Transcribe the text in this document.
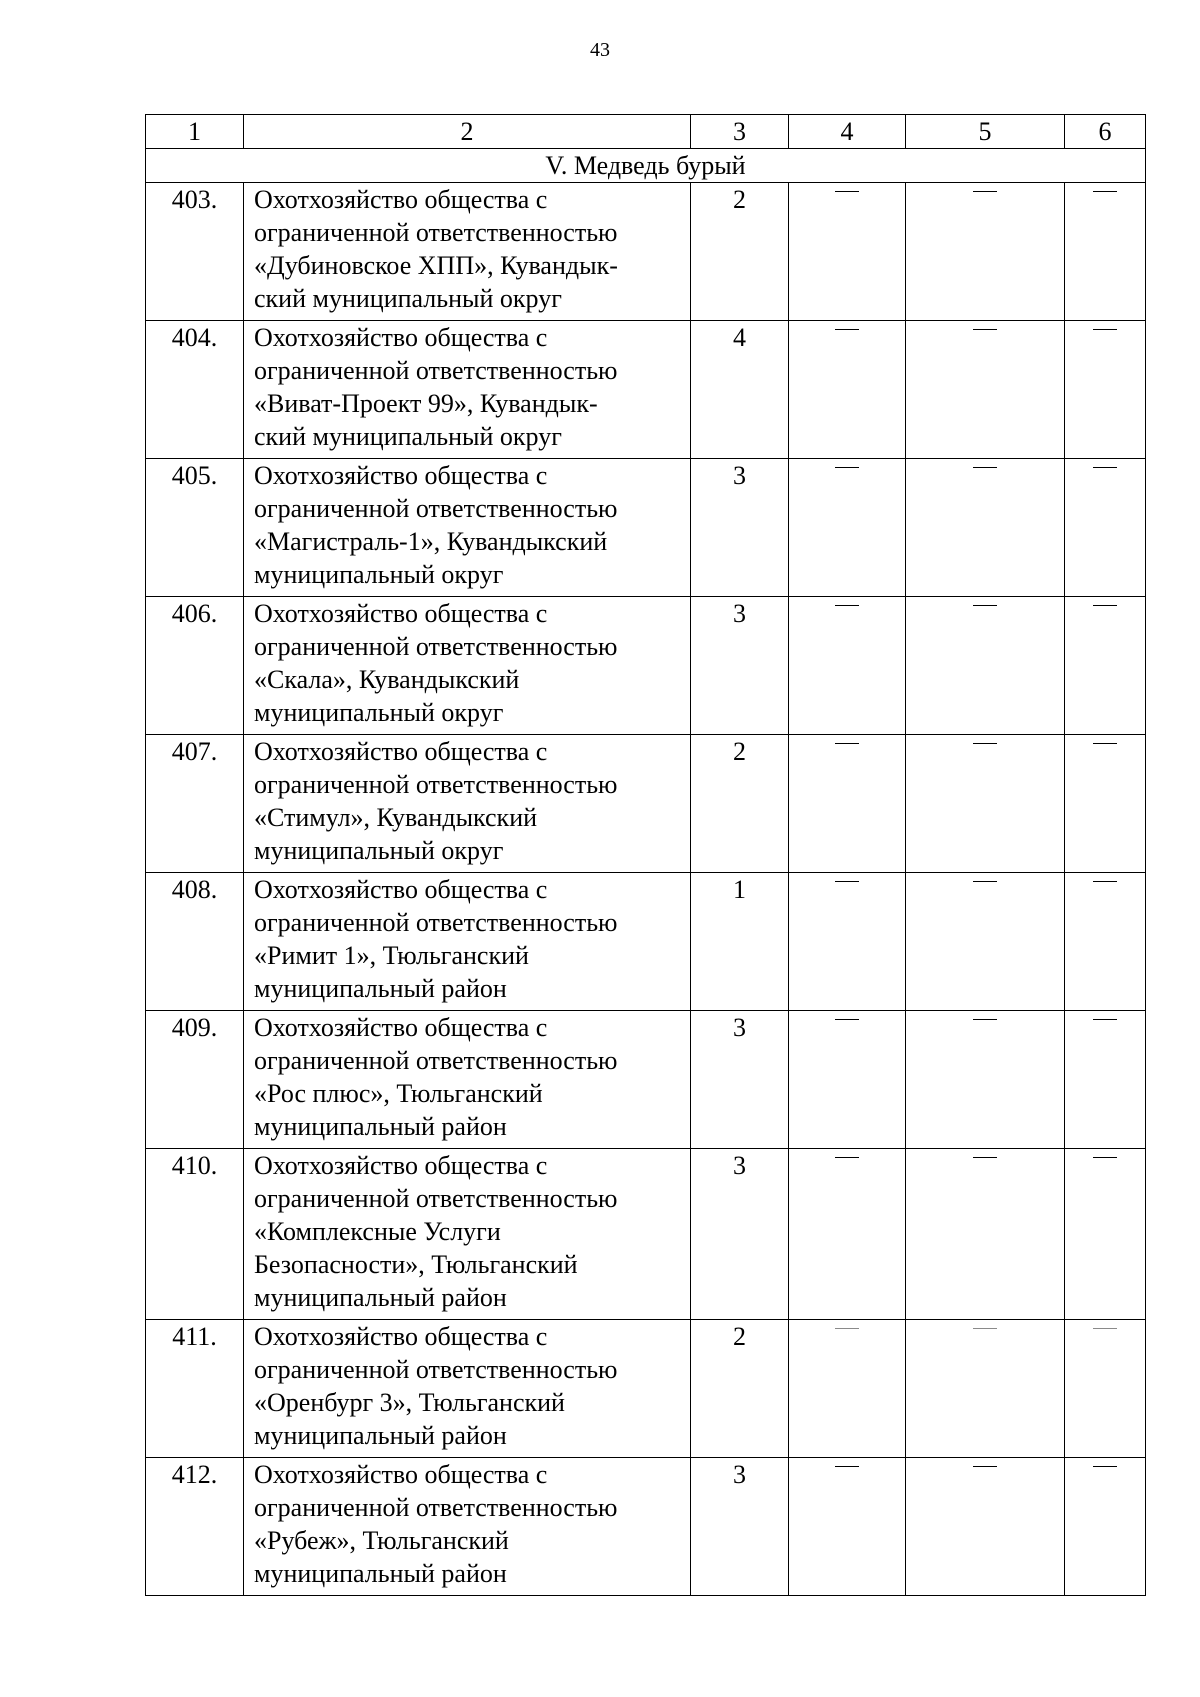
43
1	2	3	4	5	6
V. Медведь бурый					
403.	Охотхозяйство общества с
ограниченной ответственностью
«Дубиновское ХПП», Кувандык-
ский муниципальный округ	2			
404.	Охотхозяйство общества с
ограниченной ответственностью
«Виват-Проект 99», Кувандык-
ский муниципальный округ	4			
405.	Охотхозяйство общества с
ограниченной ответственностью
«Магистраль-1», Кувандыкский
муниципальный округ	3			
406.	Охотхозяйство общества с
ограниченной ответственностью
«Скала», Кувандыкский
муниципальный округ	3			
407.	Охотхозяйство общества с
ограниченной ответственностью
«Стимул», Кувандыкский
муниципальный округ	2			
408.	Охотхозяйство общества с
ограниченной ответственностью
«Римит 1», Тюльганский
муниципальный район	1			
409.	Охотхозяйство общества с
ограниченной ответственностью
«Рос плюс», Тюльганский
муниципальный район	3			
410.	Охотхозяйство общества с
ограниченной ответственностью
«Комплексные Услуги
Безопасности», Тюльганский
муниципальный район	3			
411.	Охотхозяйство общества с
ограниченной ответственностью
«Оренбург 3», Тюльганский
муниципальный район	2			
412.	Охотхозяйство общества с
ограниченной ответственностью
«Рубеж», Тюльганский
муниципальный район	3			
